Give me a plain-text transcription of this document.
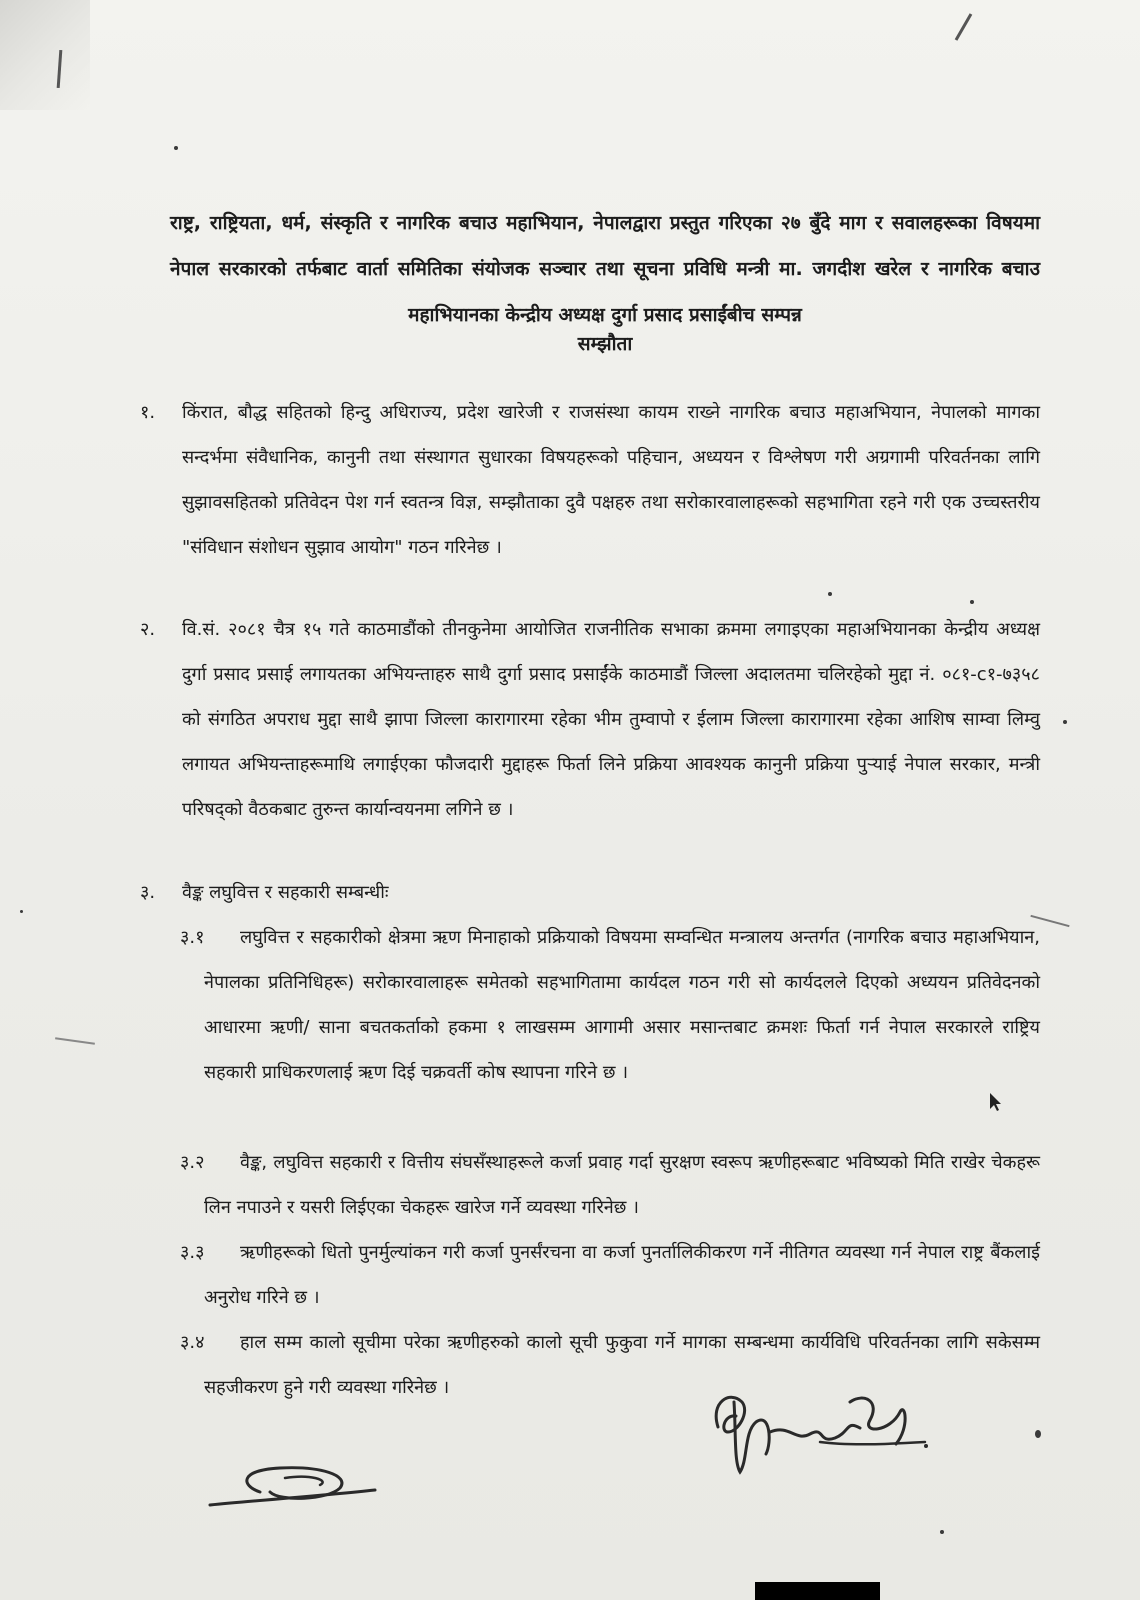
राष्ट्र, राष्ट्रियता, धर्म, संस्कृति र नागरिक बचाउ महाभियान, नेपालद्वारा प्रस्तुत गरिएका २७ बुँदे माग र सवालहरूका विषयमा नेपाल सरकारको तर्फबाट वार्ता समितिका संयोजक सञ्चार तथा सूचना प्रविधि मन्त्री मा. जगदीश खरेल र नागरिक बचाउ महाभियानका केन्द्रीय अध्यक्ष दुर्गा प्रसाद प्रसाईंबीच सम्पन्न
सम्झौता
१.	किंरात, बौद्ध सहितको हिन्दु अधिराज्य, प्रदेश खारेजी र राजसंस्था कायम राख्ने नागरिक बचाउ महाअभियान, नेपालको मागका सन्दर्भमा संवैधानिक, कानुनी तथा संस्थागत सुधारका विषयहरूको पहिचान, अध्ययन र विश्लेषण गरी अग्रगामी परिवर्तनका लागि सुझावसहितको प्रतिवेदन पेश गर्न स्वतन्त्र विज्ञ, सम्झौताका दुवै पक्षहरु तथा सरोकारवालाहरूको सहभागिता रहने गरी एक उच्चस्तरीय "संविधान संशोधन सुझाव आयोग" गठन गरिनेछ ।
२.	वि.सं. २०८१ चैत्र १५ गते काठमाडौंको तीनकुनेमा आयोजित राजनीतिक सभाका क्रममा लगाइएका महाअभियानका केन्द्रीय अध्यक्ष दुर्गा प्रसाद प्रसाई लगायतका अभियन्ताहरु साथै दुर्गा प्रसाद प्रसाईंके काठमाडौं जिल्ला अदालतमा चलिरहेको मुद्दा नं. ०८१-c१-७३५८ को संगठित अपराध मुद्दा साथै झापा जिल्ला कारागारमा रहेका भीम तुम्वापो र ईलाम जिल्ला कारागारमा रहेका आशिष साम्वा लिम्वु लगायत अभियन्ताहरूमाथि लगाईएका फौजदारी मुद्दाहरू फिर्ता लिने प्रक्रिया आवश्यक कानुनी प्रक्रिया पुऱ्याई नेपाल सरकार, मन्त्री परिषद्को वैठकबाट तुरुन्त कार्यान्वयनमा लगिने छ ।
३.	वैङ्क लघुवित्त र सहकारी सम्बन्धीः
३.१	लघुवित्त र सहकारीको क्षेत्रमा ऋण मिनाहाको प्रक्रियाको विषयमा सम्वन्धित मन्त्रालय अन्तर्गत (नागरिक बचाउ महाअभियान, नेपालका प्रतिनिधिहरू) सरोकारवालाहरू समेतको सहभागितामा कार्यदल गठन गरी सो कार्यदलले दिएको अध्ययन प्रतिवेदनको आधारमा ऋणी/ साना बचतकर्ताको हकमा १ लाखसम्म आगामी असार मसान्तबाट क्रमशः फिर्ता गर्न नेपाल सरकारले राष्ट्रिय सहकारी प्राधिकरणलाई ऋण दिई चक्रवर्ती कोष स्थापना गरिने छ ।
३.२	वैङ्क, लघुवित्त सहकारी र वित्तीय संघसँस्थाहरूले कर्जा प्रवाह गर्दा सुरक्षण स्वरूप ऋणीहरूबाट भविष्यको मिति राखेर चेकहरू लिन नपाउने र यसरी लिईएका चेकहरू खारेज गर्ने व्यवस्था गरिनेछ ।
३.३	ऋणीहरूको धितो पुनर्मुल्यांकन गरी कर्जा पुनर्संरचना वा कर्जा पुनर्तालिकीकरण गर्ने नीतिगत व्यवस्था गर्न नेपाल राष्ट्र बैंकलाई अनुरोध गरिने छ ।
३.४	हाल सम्म कालो सूचीमा परेका ऋणीहरुको कालो सूची फुकुवा गर्ने मागका सम्बन्धमा कार्यविधि परिवर्तनका लागि सकेसम्म सहजीकरण हुने गरी व्यवस्था गरिनेछ ।
